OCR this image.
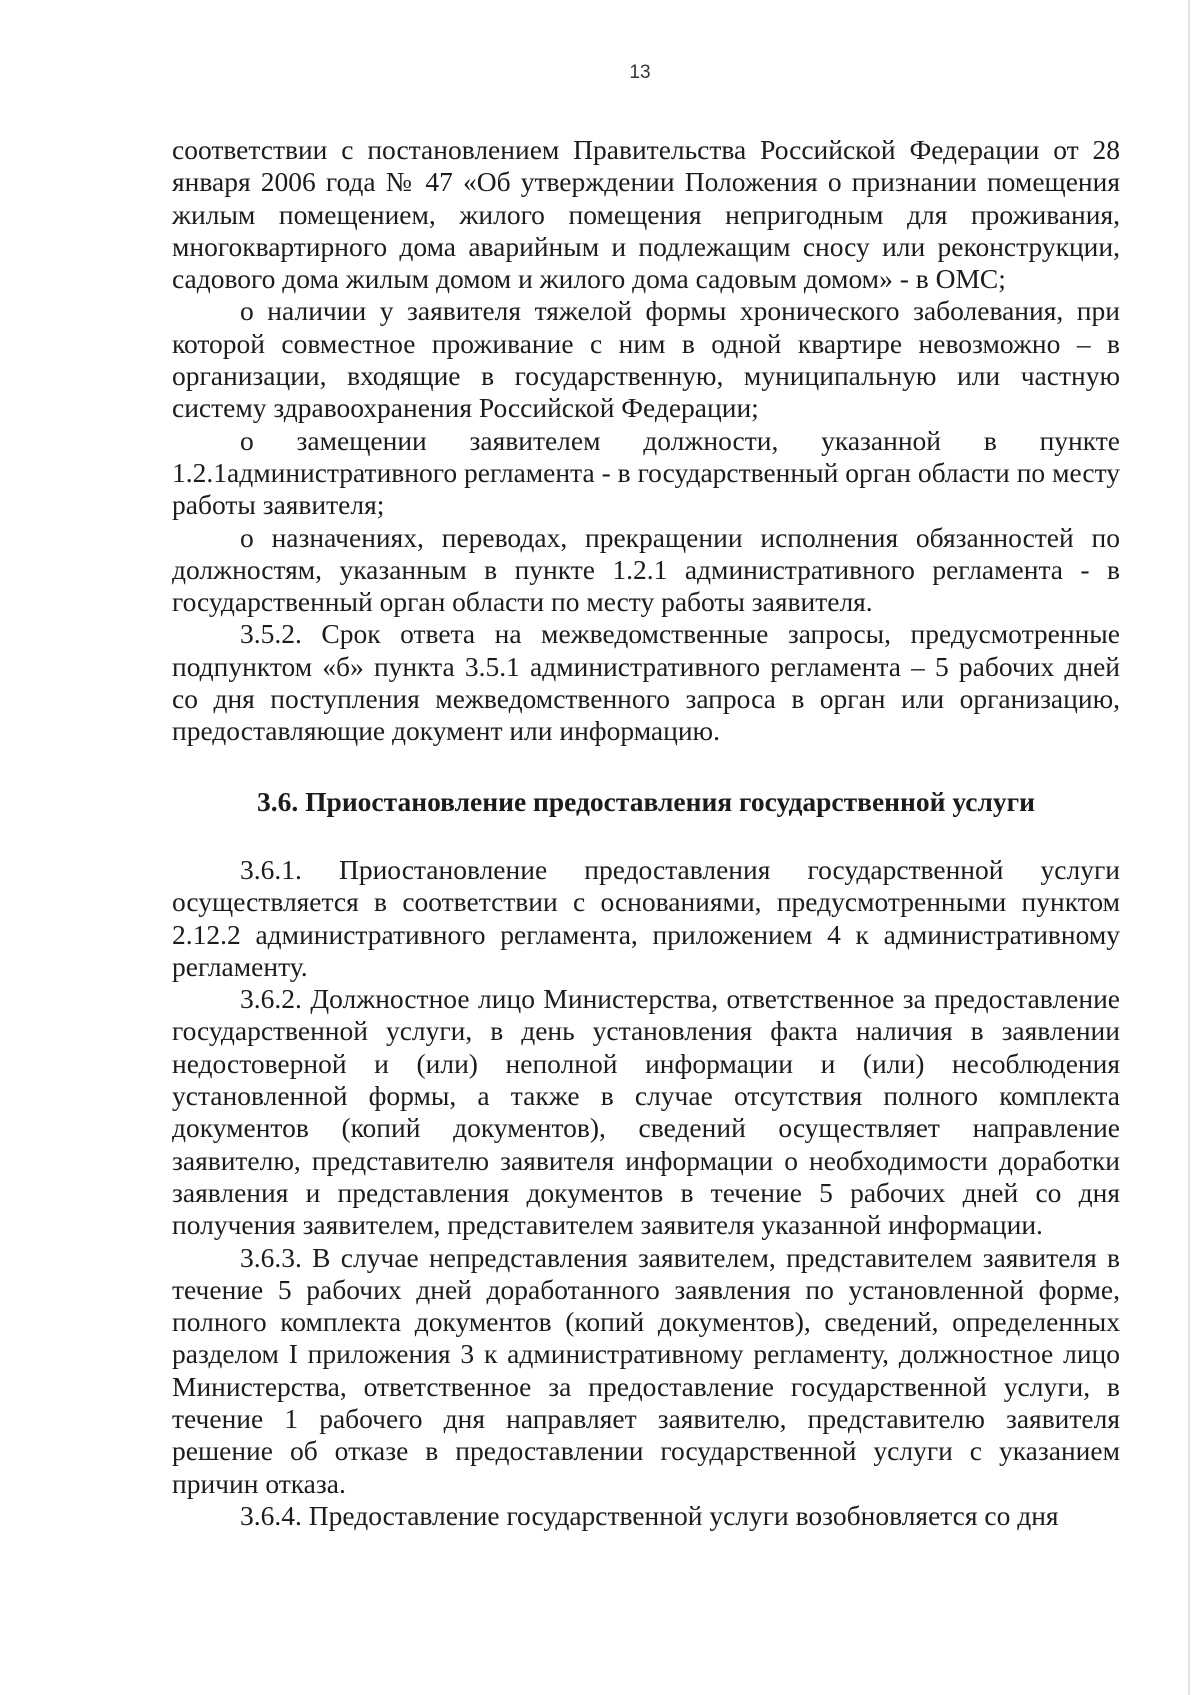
13

соответствии с постановлением Правительства Российской Федерации от 28 января 2006 года № 47 «Об утверждении Положения о признании помещения жилым помещением, жилого помещения непригодным для проживания, многоквартирного дома аварийным и подлежащим сносу или реконструкции, садового дома жилым домом и жилого дома садовым домом» - в ОМС;

о наличии у заявителя тяжелой формы хронического заболевания, при которой совместное проживание с ним в одной квартире невозможно – в организации, входящие в государственную, муниципальную или частную систему здравоохранения Российской Федерации;

о замещении заявителем должности, указанной в пункте 1.2.1административного регламента - в государственный орган области по месту работы заявителя;

о назначениях, переводах, прекращении исполнения обязанностей по должностям, указанным в пункте 1.2.1 административного регламента - в государственный орган области по месту работы заявителя.

3.5.2. Срок ответа на межведомственные запросы, предусмотренные подпунктом «б» пункта 3.5.1 административного регламента – 5 рабочих дней со дня поступления межведомственного запроса в орган или организацию, предоставляющие документ или информацию.

3.6. Приостановление предоставления государственной услуги

3.6.1. Приостановление предоставления государственной услуги осуществляется в соответствии с основаниями, предусмотренными пунктом 2.12.2 административного регламента, приложением 4 к административному регламенту.

3.6.2. Должностное лицо Министерства, ответственное за предоставление государственной услуги, в день установления факта наличия в заявлении недостоверной и (или) неполной информации и (или) несоблюдения установленной формы, а также в случае отсутствия полного комплекта документов (копий документов), сведений осуществляет направление заявителю, представителю заявителя информации о необходимости доработки заявления и представления документов в течение 5 рабочих дней со дня получения заявителем, представителем заявителя указанной информации.

3.6.3. В случае непредставления заявителем, представителем заявителя в течение 5 рабочих дней доработанного заявления по установленной форме, полного комплекта документов (копий документов), сведений, определенных разделом I приложения 3 к административному регламенту, должностное лицо Министерства, ответственное за предоставление государственной услуги, в течение 1 рабочего дня направляет заявителю, представителю заявителя решение об отказе в предоставлении государственной услуги с указанием причин отказа.

3.6.4. Предоставление государственной услуги возобновляется со дня
